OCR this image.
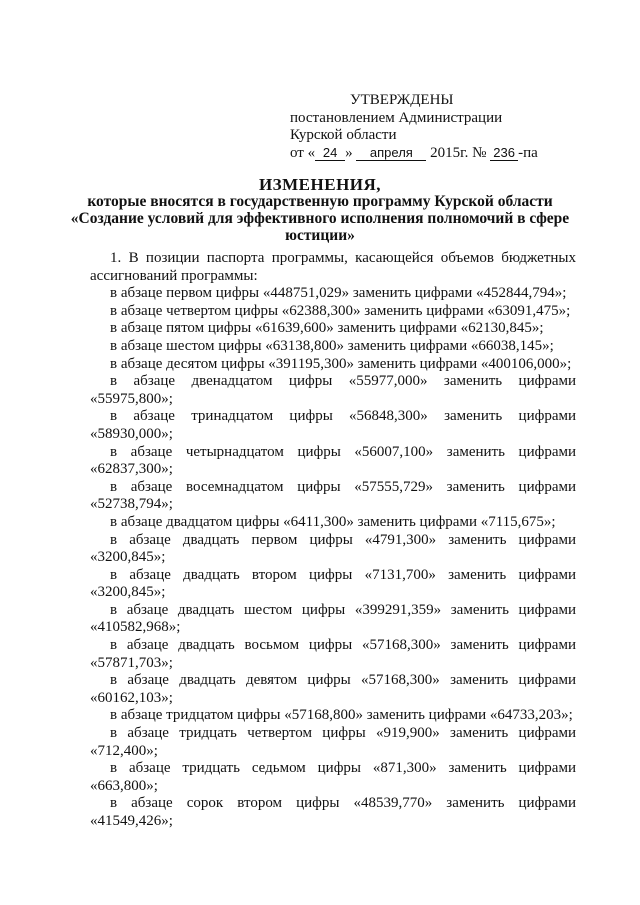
УТВЕРЖДЕНЫ
постановлением Администрации
Курской области
от « 24 » апреля 2015г. № 236 -па
ИЗМЕНЕНИЯ,
которые вносятся в государственную программу Курской области
«Создание условий для эффективного исполнения полномочий в сфере юстиции»

1. В позиции паспорта программы, касающейся объемов бюджетных ассигнований программы:

в абзаце первом цифры «448751,029» заменить цифрами «452844,794»;

в абзаце четвертом цифры «62388,300» заменить цифрами «63091,475»;

в абзаце пятом цифры «61639,600» заменить цифрами «62130,845»;

в абзаце шестом цифры «63138,800» заменить цифрами «66038,145»;

в абзаце десятом цифры «391195,300» заменить цифрами «400106,000»;

в абзаце двенадцатом цифры «55977,000» заменить цифрами «55975,800»;

в абзаце тринадцатом цифры «56848,300» заменить цифрами «58930,000»;

в абзаце четырнадцатом цифры «56007,100» заменить цифрами «62837,300»;

в абзаце восемнадцатом цифры «57555,729» заменить цифрами «52738,794»;

в абзаце двадцатом цифры «6411,300» заменить цифрами «7115,675»;

в абзаце двадцать первом цифры «4791,300» заменить цифрами «3200,845»;

в абзаце двадцать втором цифры «7131,700» заменить цифрами «3200,845»;

в абзаце двадцать шестом цифры «399291,359» заменить цифрами «410582,968»;

в абзаце двадцать восьмом цифры «57168,300» заменить цифрами «57871,703»;

в абзаце двадцать девятом цифры «57168,300» заменить цифрами «60162,103»;

в абзаце тридцатом цифры «57168,800» заменить цифрами «64733,203»;

в абзаце тридцать четвертом цифры «919,900» заменить цифрами «712,400»;

в абзаце тридцать седьмом цифры «871,300» заменить цифрами «663,800»;

в абзаце сорок втором цифры «48539,770» заменить цифрами «41549,426»;
